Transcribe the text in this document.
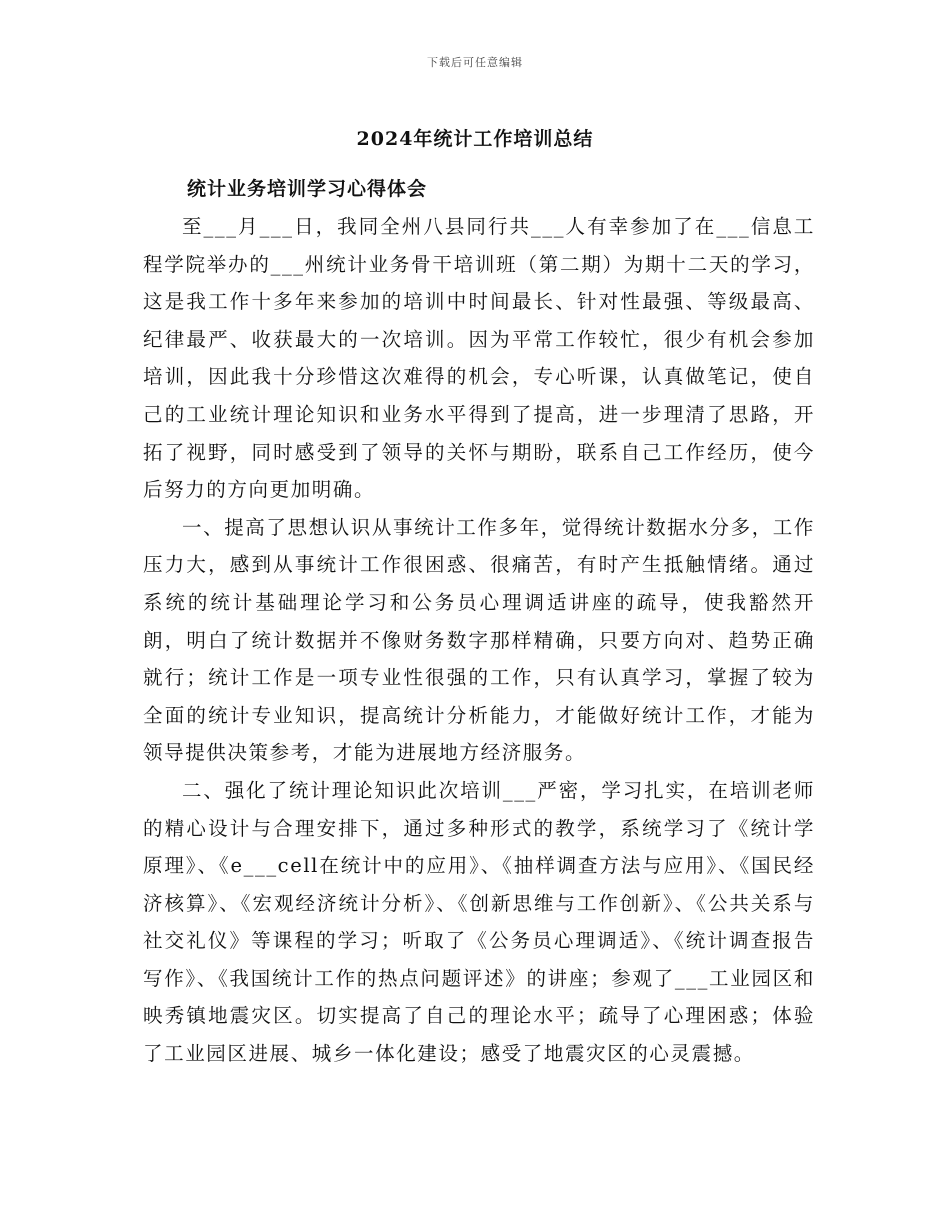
下载后可任意编辑
2024年统计工作培训总结
统计业务培训学习心得体会

至___月___日，我同全州八县同行共___人有幸参加了在___信息工程学院举办的___州统计业务骨干培训班（第二期）为期十二天的学习，这是我工作十多年来参加的培训中时间最长、针对性最强、等级最高、纪律最严、收获最大的一次培训。因为平常工作较忙，很少有机会参加培训，因此我十分珍惜这次难得的机会，专心听课，认真做笔记，使自己的工业统计理论知识和业务水平得到了提高，进一步理清了思路，开拓了视野，同时感受到了领导的关怀与期盼，联系自己工作经历，使今后努力的方向更加明确。

一、提高了思想认识从事统计工作多年，觉得统计数据水分多，工作压力大，感到从事统计工作很困惑、很痛苦，有时产生抵触情绪。通过系统的统计基础理论学习和公务员心理调适讲座的疏导，使我豁然开朗，明白了统计数据并不像财务数字那样精确，只要方向对、趋势正确就行；统计工作是一项专业性很强的工作，只有认真学习，掌握了较为全面的统计专业知识，提高统计分析能力，才能做好统计工作，才能为领导提供决策参考，才能为进展地方经济服务。

二、强化了统计理论知识此次培训___严密，学习扎实，在培训老师的精心设计与合理安排下，通过多种形式的教学，系统学习了《统计学原理》、《e___cell在统计中的应用》、《抽样调查方法与应用》、《国民经济核算》、《宏观经济统计分析》、《创新思维与工作创新》、《公共关系与社交礼仪》等课程的学习；听取了《公务员心理调适》、《统计调查报告写作》、《我国统计工作的热点问题评述》的讲座；参观了___工业园区和映秀镇地震灾区。切实提高了自己的理论水平；疏导了心理困惑；体验了工业园区进展、城乡一体化建设；感受了地震灾区的心灵震撼。
